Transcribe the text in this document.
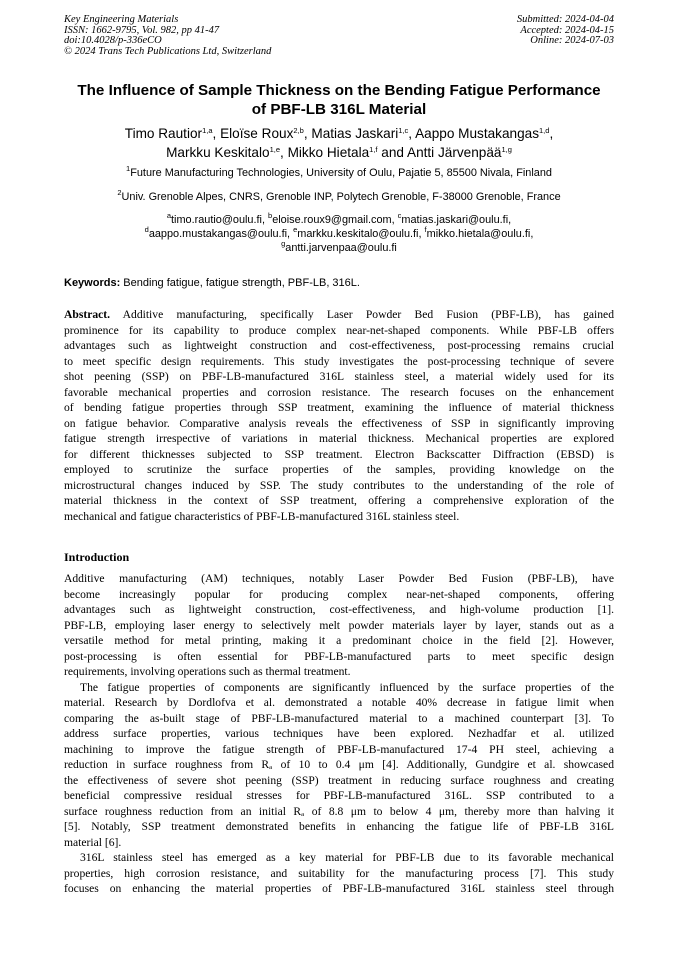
Key Engineering Materials
ISSN: 1662-9795, Vol. 982, pp 41-47
doi:10.4028/p-336eCO
© 2024 Trans Tech Publications Ltd, Switzerland
Submitted: 2024-04-04
Accepted: 2024-04-15
Online: 2024-07-03
The Influence of Sample Thickness on the Bending Fatigue Performance
of PBF-LB 316L Material
Timo Rautior$^{1,a}$, Eloïse Roux$^{2,b}$, Matias Jaskari$^{1,c}$, Aappo Mustakangas$^{1,d}$,
Markku Keskitalo$^{1,e}$, Mikko Hietala$^{1,f}$ and Antti Järvenpää$^{1,g}$
$^1$Future Manufacturing Technologies, University of Oulu, Pajatie 5, 85500 Nivala, Finland
$^2$Univ. Grenoble Alpes, CNRS, Grenoble INP, Polytech Grenoble, F-38000 Grenoble, France
$^a$timo.rautio@oulu.fi, $^b$eloise.roux9@gmail.com, $^c$matias.jaskari@oulu.fi,
$^d$aappo.mustakangas@oulu.fi, $^e$markku.keskitalo@oulu.fi, $^f$mikko.hietala@oulu.fi,
$^g$antti.jarvenpaa@oulu.fi
Keywords: Bending fatigue, fatigue strength, PBF-LB, 316L.
Abstract. Additive manufacturing, specifically Laser Powder Bed Fusion (PBF-LB), has gained
prominence for its capability to produce complex near-net-shaped components. While PBF-LB offers
advantages such as lightweight construction and cost-effectiveness, post-processing remains crucial
to meet specific design requirements. This study investigates the post-processing technique of severe
shot peening (SSP) on PBF-LB-manufactured 316L stainless steel, a material widely used for its
favorable mechanical properties and corrosion resistance. The research focuses on the enhancement
of bending fatigue properties through SSP treatment, examining the influence of material thickness
on fatigue behavior. Comparative analysis reveals the effectiveness of SSP in significantly improving
fatigue strength irrespective of variations in material thickness. Mechanical properties are explored
for different thicknesses subjected to SSP treatment. Electron Backscatter Diffraction (EBSD) is
employed to scrutinize the surface properties of the samples, providing knowledge on the
microstructural changes induced by SSP. The study contributes to the understanding of the role of
material thickness in the context of SSP treatment, offering a comprehensive exploration of the
mechanical and fatigue characteristics of PBF-LB-manufactured 316L stainless steel.
Introduction
Additive manufacturing (AM) techniques, notably Laser Powder Bed Fusion (PBF-LB), have
become increasingly popular for producing complex near-net-shaped components, offering
advantages such as lightweight construction, cost-effectiveness, and high-volume production [1].
PBF-LB, employing laser energy to selectively melt powder materials layer by layer, stands out as a
versatile method for metal printing, making it a predominant choice in the field [2]. However,
post-processing is often essential for PBF-LB-manufactured parts to meet specific design
requirements, involving operations such as thermal treatment.
The fatigue properties of components are significantly influenced by the surface properties of the
material. Research by Dordlofva et al. demonstrated a notable 40% decrease in fatigue limit when
comparing the as-built stage of PBF-LB-manufactured material to a machined counterpart [3]. To
address surface properties, various techniques have been explored. Nezhadfar et al. utilized
machining to improve the fatigue strength of PBF-LB-manufactured 17-4 PH steel, achieving a
reduction in surface roughness from Rₐ of 10 to 0.4 μm [4]. Additionally, Gundgire et al. showcased
the effectiveness of severe shot peening (SSP) treatment in reducing surface roughness and creating
beneficial compressive residual stresses for PBF-LB-manufactured 316L. SSP contributed to a
surface roughness reduction from an initial Rₐ of 8.8 μm to below 4 μm, thereby more than halving it
[5]. Notably, SSP treatment demonstrated benefits in enhancing the fatigue life of PBF-LB 316L
material [6].
316L stainless steel has emerged as a key material for PBF-LB due to its favorable mechanical
properties, high corrosion resistance, and suitability for the manufacturing process [7]. This study
focuses on enhancing the material properties of PBF-LB-manufactured 316L stainless steel through
